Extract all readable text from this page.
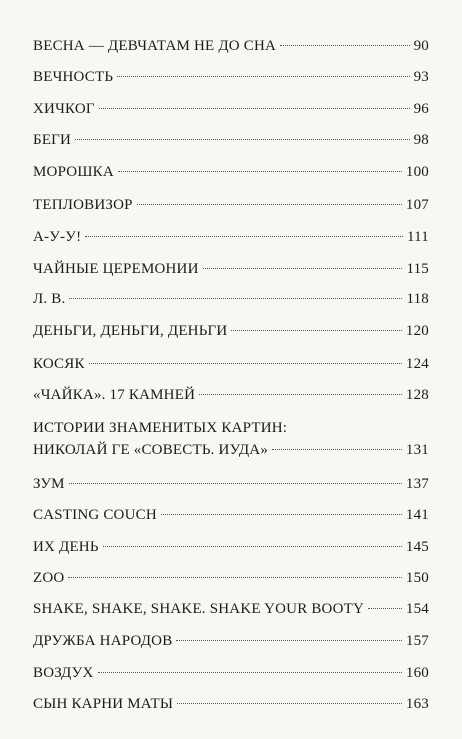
ВЕСНА — ДЕВЧАТАМ НЕ ДО СНА	90
ВЕЧНОСТЬ	93
ХИЧКОГ	96
БЕГИ	98
МОРОШКА	100
ТЕПЛОВИЗОР	107
А-У-У!	111
ЧАЙНЫЕ ЦЕРЕМОНИИ	115
Л. В.	118
ДЕНЬГИ, ДЕНЬГИ, ДЕНЬГИ	120
КОСЯК	124
«ЧАЙКА». 17 КАМНЕЙ	128
ИСТОРИИ ЗНАМЕНИТЫХ КАРТИН:
НИКОЛАЙ ГЕ «СОВЕСТЬ. ИУДА»	131
ЗУМ	137
CASTING COUCH	141
ИХ ДЕНЬ	145
ZOO	150
SHAKE, SHAKE, SHAKE. SHAKE YOUR BOOTY	154
ДРУЖБА НАРОДОВ	157
ВОЗДУХ	160
СЫН КАРНИ МАТЫ	163
